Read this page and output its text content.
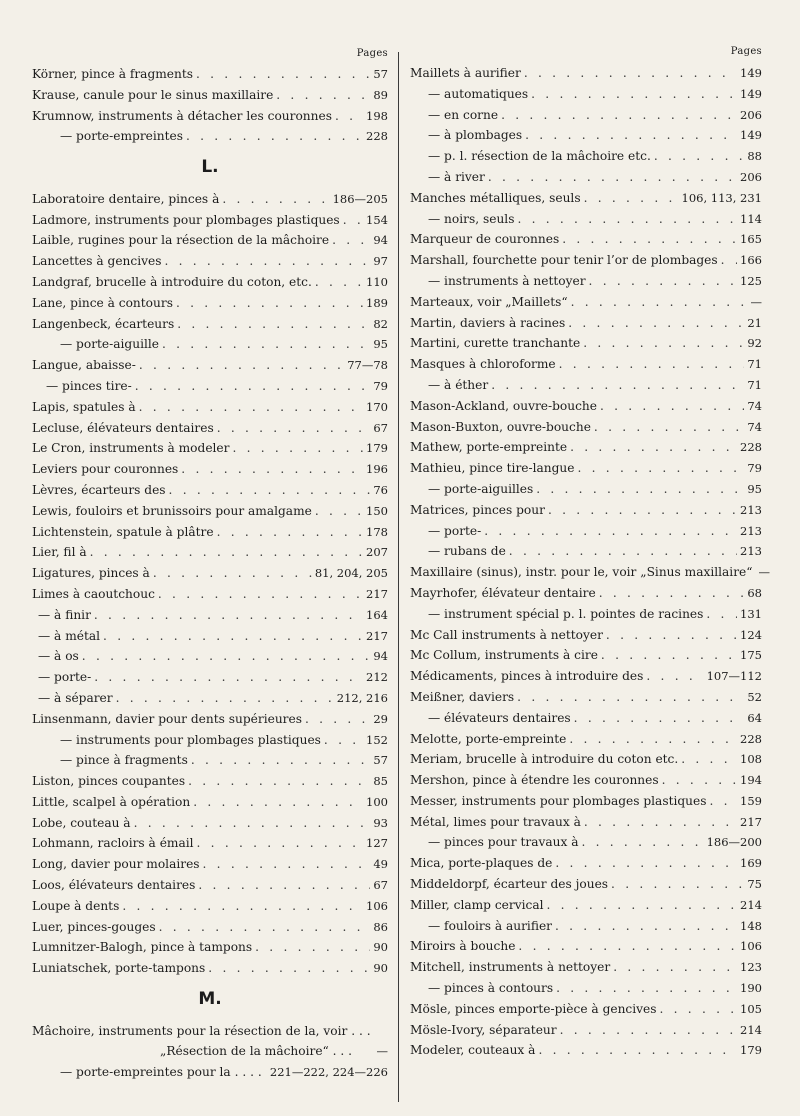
Pages
Körner, pince à fragments . . .	57
Krause, canule pour le sinus maxillaire . . .	89
Krumnow, instruments à détacher les couronnes . . .	198
— porte-empreintes . . .	228
L.
Laboratoire dentaire, pinces à . . .	186—205
Ladmore, instruments pour plombages plastiques . . . 154
Laible, rugines pour la résection de la mâchoire . . .	94
Lancettes à gencives . . .	97
Landgraf, brucelle à introduire du coton, etc. . . .	110
Lane, pince à contours . . .	189
Langenbeck, écarteurs . . .	82
— porte-aiguille . . .	95
Langue, abaisse- . . .	77—78
— pinces tire- . . .	79
Lapis, spatules à . . .	170
Lecluse, élévateurs dentaires . . .	67
Le Cron, instruments à modeler . . .	179
Leviers pour couronnes . . .	196
Lèvres, écarteurs des . . .	76
Lewis, fouloirs et brunissoirs pour amalgame . . .	150
Lichtenstein, spatule à plâtre . . .	178
Lier, fil à . . .	207
Ligatures, pinces à . . .	81, 204, 205
Limes à caoutchouc . . .	217
— à finir . . .	164
— à métal . . .	217
— à os . . .	94
— porte- . . .	212
— à séparer . . .	212, 216
Linsenmann, davier pour dents supérieures . . .	29
— instruments pour plombages plastiques . . .	152
— pince à fragments . . .	57
Liston, pinces coupantes . . .	85
Little, scalpel à opération . . .	100
Lobe, couteau à . . .	93
Lohmann, racloirs à émail . . .	127
Long, davier pour molaires . . .	49
Loos, élévateurs dentaires . . .	67
Loupe à dents . . .	106
Luer, pinces-gouges . . .	86
Lumnitzer-Balogh, pince à tampons . . .	90
Luniatschek, porte-tampons . . .	90
M.
Mâchoire, instruments pour la résection de la, voir . . .
„Résection de la mâchoire“ . . . —
— porte-empreintes pour la . . . . 221—222, 224—226
Pages
Maillets à aurifier . . .	149
— automatiques . . .	149
— en corne . . .	206
— à plombages . . .	149
— p. l. résection de la mâchoire etc. . . .	88
— à river . . .	206
Manches métalliques, seuls . . .	106, 113, 231
— noirs, seuls . . .	114
Marqueur de couronnes . . .	165
Marshall, fourchette pour tenir l’or de plombages . . . 166
— instruments à nettoyer . . .	125
Marteaux, voir „Maillets“ . . .	—
Martin, daviers à racines . . .	21
Martini, curette tranchante . . .	92
Masques à chloroforme . . .	71
— à éther . . .	71
Mason-Ackland, ouvre-bouche . . .	74
Mason-Buxton, ouvre-bouche . . .	74
Mathew, porte-empreinte . . .	228
Mathieu, pince tire-langue . . .	79
— porte-aiguilles . . .	95
Matrices, pinces pour . . .	213
— porte- . . .	213
— rubans de . . .	213
Maxillaire (sinus), instr. pour le, voir „Sinus maxillaire“ —
Mayrhofer, élévateur dentaire . . .	68
— instrument spécial p. l. pointes de racines . . .	131
Mc Call instruments à nettoyer . . .	124
Mc Collum, instruments à cire . . .	175
Médicaments, pinces à introduire des . . .	107—112
Meißner, daviers . . .	52
— élévateurs dentaires . . .	64
Melotte, porte-empreinte . . .	228
Meriam, brucelle à introduire du coton etc. . . .	108
Mershon, pince à étendre les couronnes . . .	194
Messer, instruments pour plombages plastiques . . .	159
Métal, limes pour travaux à . . .	217
— pinces pour travaux à . . .	186—200
Mica, porte-plaques de . . .	169
Middeldorpf, écarteur des joues . . .	75
Miller, clamp cervical . . .	214
— fouloirs à aurifier . . .	148
Miroirs à bouche . . .	106
Mitchell, instruments à nettoyer . . .	123
— pinces à contours . . .	190
Mösle, pinces emporte-pièce à gencives . . .	105
Mösle-Ivory, séparateur . . .	214
Modeler, couteaux à . . .	179
